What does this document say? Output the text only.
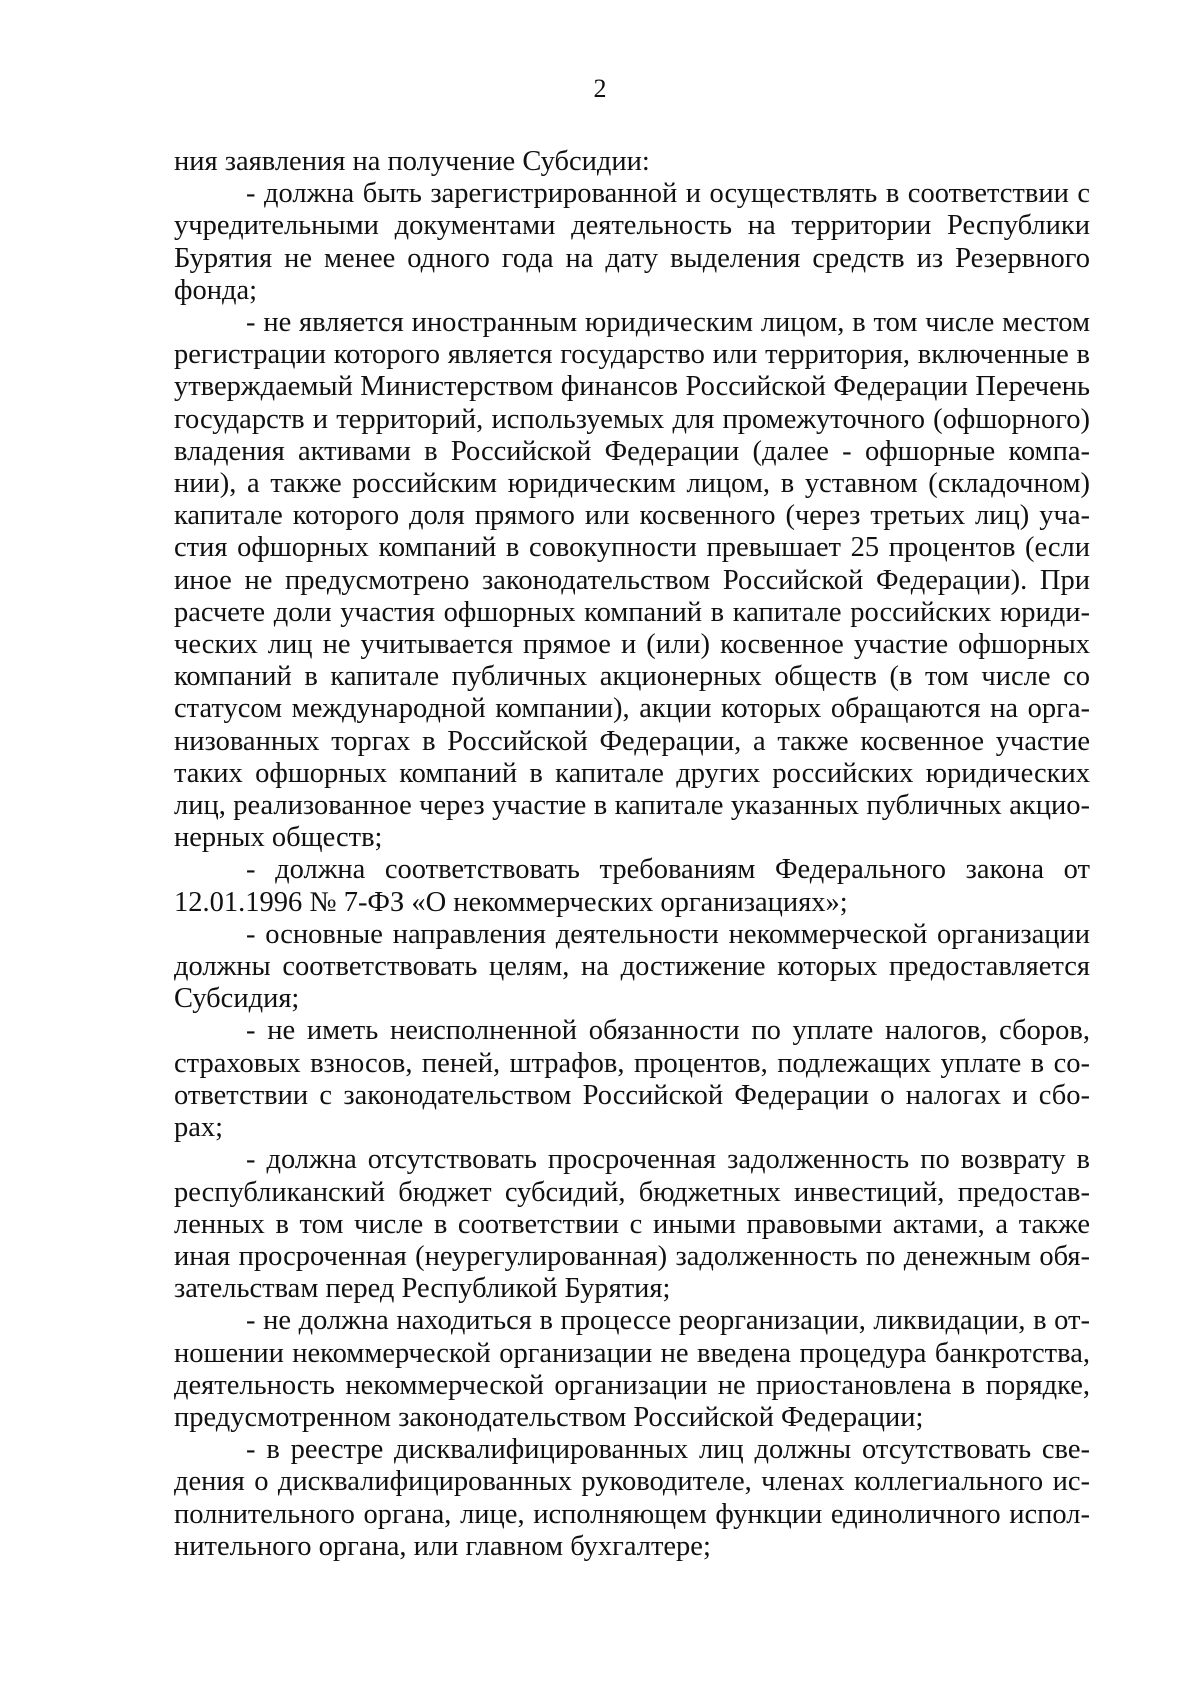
2

ния заявления на получение Субсидии:

- должна быть зарегистрированной и осуществлять в соответствии с учредительными документами деятельность на территории Республики Бурятия не менее одного года на дату выделения средств из Резервного фонда;

- не является иностранным юридическим лицом, в том числе местом регистрации которого является государство или территория, включенные в утверждаемый Министерством финансов Российской Федерации Перечень государств и территорий, используемых для промежуточного (офшорного) владения активами в Российской Федерации (далее - офшорные компании), а также российским юридическим лицом, в уставном (складочном) капитале которого доля прямого или косвенного (через третьих лиц) участия офшорных компаний в совокупности превышает 25 процентов (если иное не предусмотрено законодательством Российской Федерации). При расчете доли участия офшорных компаний в капитале российских юридических лиц не учитывается прямое и (или) косвенное участие офшорных компаний в капитале публичных акционерных обществ (в том числе со статусом международной компании), акции которых обращаются на организованных торгах в Российской Федерации, а также косвенное участие таких офшорных компаний в капитале других российских юридических лиц, реализованное через участие в капитале указанных публичных акционерных обществ;

- должна соответствовать требованиям Федерального закона от 12.01.1996 № 7-ФЗ «О некоммерческих организациях»;

- основные направления деятельности некоммерческой организации должны соответствовать целям, на достижение которых предоставляется Субсидия;

- не иметь неисполненной обязанности по уплате налогов, сборов, страховых взносов, пеней, штрафов, процентов, подлежащих уплате в соответствии с законодательством Российской Федерации о налогах и сборах;

- должна отсутствовать просроченная задолженность по возврату в республиканский бюджет субсидий, бюджетных инвестиций, предоставленных в том числе в соответствии с иными правовыми актами, а также иная просроченная (неурегулированная) задолженность по денежным обязательствам перед Республикой Бурятия;

- не должна находиться в процессе реорганизации, ликвидации, в отношении некоммерческой организации не введена процедура банкротства, деятельность некоммерческой организации не приостановлена в порядке, предусмотренном законодательством Российской Федерации;

- в реестре дисквалифицированных лиц должны отсутствовать сведения о дисквалифицированных руководителе, членах коллегиального исполнительного органа, лице, исполняющем функции единоличного исполнительного органа, или главном бухгалтере;
